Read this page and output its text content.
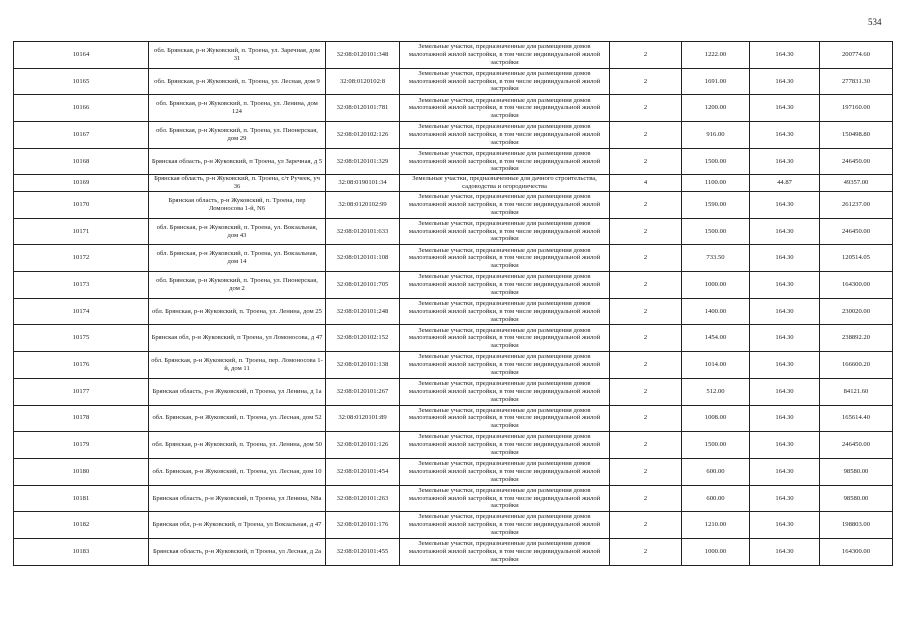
534
10164	обл. Брянская, р-н Жуковский, п. Троена, ул. Заречная, дом 31	32:08:0120101:348	Земельные участки, предназначенные для размещения домов малоэтажной жилой застройки, в том числе индивидуальной жилой застройки	2	1222.00	164.30	200774.60
10165	обл. Брянская, р-н Жуковский, п. Троена, ул. Лесная, дом 9	32:08:0120102:8	Земельные участки, предназначенные для размещения домов малоэтажной жилой застройки, в том числе индивидуальной жилой застройки	2	1691.00	164.30	277831.30
10166	обл. Брянская, р-н Жуковский, п. Троена, ул. Ленина, дом 124	32:08:0120101:781	Земельные участки, предназначенные для размещения домов малоэтажной жилой застройки, в том числе индивидуальной жилой застройки	2	1200.00	164.30	197160.00
10167	обл. Брянская, р-н Жуковский, п. Троена, ул. Пионерская, дом 29	32:08:0120102:126	Земельные участки, предназначенные для размещения домов малоэтажной жилой застройки, в том числе индивидуальной жилой застройки	2	916.00	164.30	150498.80
10168	Брянская область, р-н Жуковский, п Троена, ул Заречная, д 5	32:08:0120101:329	Земельные участки, предназначенные для размещения домов малоэтажной жилой застройки, в том числе индивидуальной жилой застройки	2	1500.00	164.30	246450.00
10169	Брянская область, р-н Жуковский, п. Троена, с/т Ручеек, уч 36	32:08:0190101:34	Земельные участки, предназначенные для дачного строительства, садоводства и огородничества	4	1100.00	44.87	49357.00
10170	Брянская область, р-н Жуковский, п. Троена, пер Ломоносова 1-й, N6	32:08:0120102:99	Земельные участки, предназначенные для размещения домов малоэтажной жилой застройки, в том числе индивидуальной жилой застройки	2	1590.00	164.30	261237.00
10171	обл. Брянская, р-н Жуковский, п. Троена, ул. Вокзальная, дом 43	32:08:0120101:633	Земельные участки, предназначенные для размещения домов малоэтажной жилой застройки, в том числе индивидуальной жилой застройки	2	1500.00	164.30	246450.00
10172	обл. Брянская, р-н Жуковский, п. Троена, ул. Вокзальная, дом 14	32:08:0120101:108	Земельные участки, предназначенные для размещения домов малоэтажной жилой застройки, в том числе индивидуальной жилой застройки	2	733.50	164.30	120514.05
10173	обл. Брянская, р-н Жуковский, п. Троена, ул. Пионерская, дом 2	32:08:0120101:705	Земельные участки, предназначенные для размещения домов малоэтажной жилой застройки, в том числе индивидуальной жилой застройки	2	1000.00	164.30	164300.00
10174	обл. Брянская, р-н Жуковский, п. Троена, ул. Ленина, дом 25	32:08:0120101:248	Земельные участки, предназначенные для размещения домов малоэтажной жилой застройки, в том числе индивидуальной жилой застройки	2	1400.00	164.30	230020.00
10175	Брянская обл, р-н Жуковский, п Троена, ул Ломоносова, д 47	32:08:0120102:152	Земельные участки, предназначенные для размещения домов малоэтажной жилой застройки, в том числе индивидуальной жилой застройки	2	1454.00	164.30	238892.20
10176	обл. Брянская, р-н Жуковский, п. Троена, пер. Ломоносова 1-й, дом 11	32:08:0120101:138	Земельные участки, предназначенные для размещения домов малоэтажной жилой застройки, в том числе индивидуальной жилой застройки	2	1014.00	164.30	166600.20
10177	Брянская область, р-н Жуковский, п Троена, ул Ленина, д 1а	32:08:0120101:267	Земельные участки, предназначенные для размещения домов малоэтажной жилой застройки, в том числе индивидуальной жилой застройки	2	512.00	164.30	84121.60
10178	обл. Брянская, р-н Жуковский, п. Троена, ул. Лесная, дом 52	32:08:0120101:89	Земельные участки, предназначенные для размещения домов малоэтажной жилой застройки, в том числе индивидуальной жилой застройки	2	1008.00	164.30	165614.40
10179	обл. Брянская, р-н Жуковский, п. Троена, ул. Ленина, дом 50	32:08:0120101:126	Земельные участки, предназначенные для размещения домов малоэтажной жилой застройки, в том числе индивидуальной жилой застройки	2	1500.00	164.30	246450.00
10180	обл. Брянская, р-н Жуковский, п. Троена, ул. Лесная, дом 10	32:08:0120101:454	Земельные участки, предназначенные для размещения домов малоэтажной жилой застройки, в том числе индивидуальной жилой застройки	2	600.00	164.30	98580.00
10181	Брянская область, р-н Жуковский, п Троена, ул Ленина, N8а	32:08:0120101:263	Земельные участки, предназначенные для размещения домов малоэтажной жилой застройки, в том числе индивидуальной жилой застройки	2	600.00	164.30	98580.00
10182	Брянская обл, р-н Жуковский, п Троена, ул Вокзальная, д 47	32:08:0120101:176	Земельные участки, предназначенные для размещения домов малоэтажной жилой застройки, в том числе индивидуальной жилой застройки	2	1210.00	164.30	198803.00
10183	Брянская область, р-н Жуковский, п Троена, ул Лесная, д 2а	32:08:0120101:455	Земельные участки, предназначенные для размещения домов малоэтажной жилой застройки, в том числе индивидуальной жилой застройки	2	1000.00	164.30	164300.00
